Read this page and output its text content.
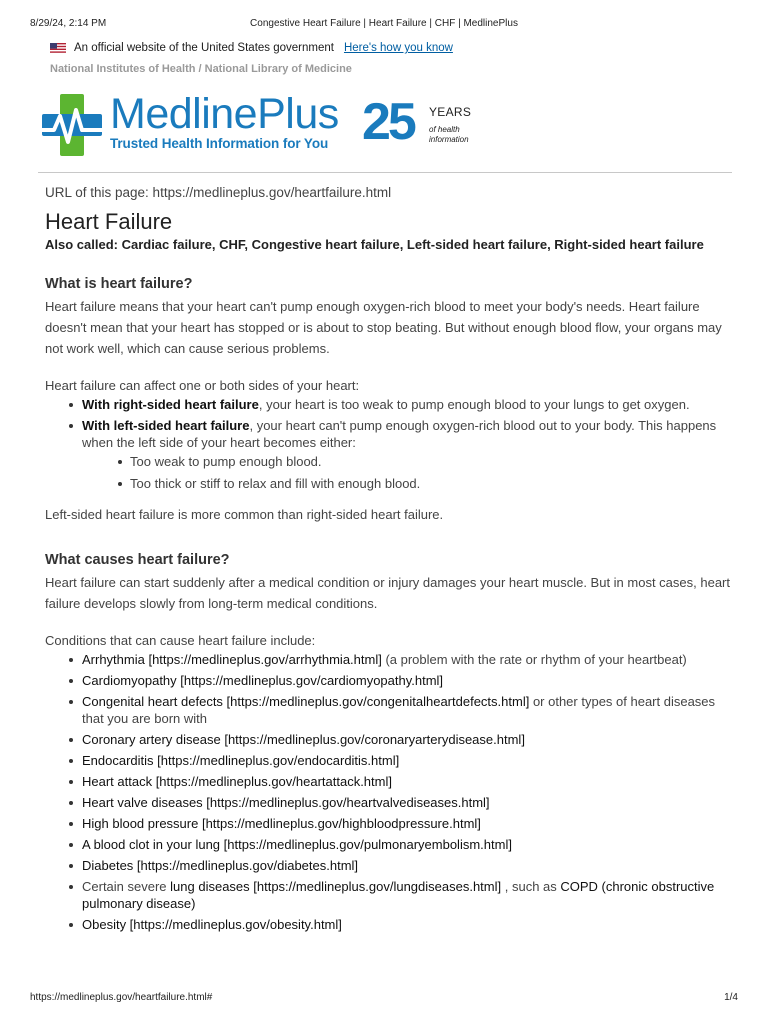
8/29/24, 2:14 PM	Congestive Heart Failure | Heart Failure | CHF | MedlinePlus
An official website of the United States government Here's how you know
National Institutes of Health / National Library of Medicine
MedlinePlus
Trusted Health Information for You 25 YEARS
of health information

URL of this page: https://medlineplus.gov/heartfailure.html

Heart Failure

Also called: Cardiac failure, CHF, Congestive heart failure, Left-sided heart failure, Right-sided heart failure

What is heart failure?

Heart failure means that your heart can't pump enough oxygen-rich blood to meet your body's needs. Heart failure doesn't mean that your heart has stopped or is about to stop beating. But without enough blood flow, your organs may not work well, which can cause serious problems.

Heart failure can affect one or both sides of your heart:

With right-sided heart failure, your heart is too weak to pump enough blood to your lungs to get oxygen.
With left-sided heart failure, your heart can't pump enough oxygen-rich blood out to your body. This happens when the left side of your heart becomes either:
Too weak to pump enough blood.
Too thick or stiff to relax and fill with enough blood.

Left-sided heart failure is more common than right-sided heart failure.

What causes heart failure?

Heart failure can start suddenly after a medical condition or injury damages your heart muscle. But in most cases, heart failure develops slowly from long-term medical conditions.

Conditions that can cause heart failure include:

Arrhythmia [https://medlineplus.gov/arrhythmia.html] (a problem with the rate or rhythm of your heartbeat)
Cardiomyopathy [https://medlineplus.gov/cardiomyopathy.html]
Congenital heart defects [https://medlineplus.gov/congenitalheartdefects.html] or other types of heart diseases that you are born with
Coronary artery disease [https://medlineplus.gov/coronaryarterydisease.html]
Endocarditis [https://medlineplus.gov/endocarditis.html]
Heart attack [https://medlineplus.gov/heartattack.html]
Heart valve diseases [https://medlineplus.gov/heartvalvediseases.html]
High blood pressure [https://medlineplus.gov/highbloodpressure.html]
A blood clot in your lung [https://medlineplus.gov/pulmonaryembolism.html]
Diabetes [https://medlineplus.gov/diabetes.html]
Certain severe lung diseases [https://medlineplus.gov/lungdiseases.html] , such as COPD (chronic obstructive pulmonary disease)
Obesity [https://medlineplus.gov/obesity.html]
https://medlineplus.gov/heartfailure.html#	1/4
